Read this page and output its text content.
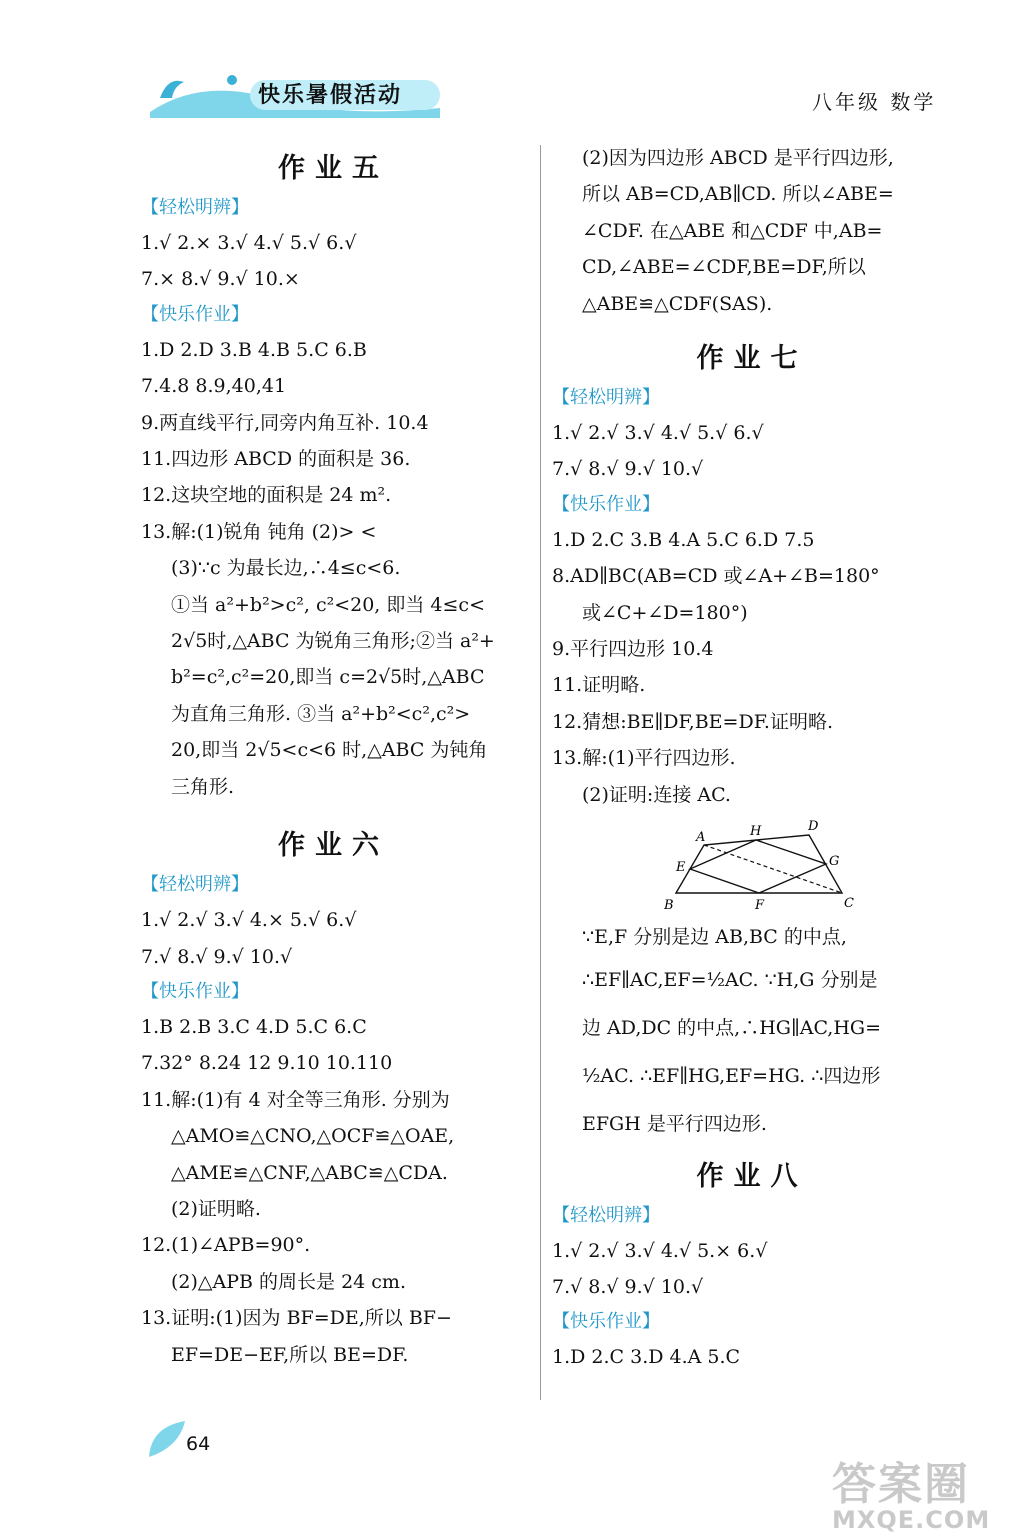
快乐暑假活动	八年级 数学
作业五
【轻松明辨】
1.√ 2.× 3.√ 4.√ 5.√ 6.√
7.× 8.√ 9.√ 10.×
【快乐作业】
1.D 2.D 3.B 4.B 5.C 6.B
7.4.8 8.9,40,41
9.两直线平行,同旁内角互补. 10.4
11.四边形 ABCD 的面积是 36.
12.这块空地的面积是 24 m².
13.解:(1)锐角 钝角 (2)> <
(3)∵c 为最长边,∴4≤c<6.
①当 a²+b²>c², c²<20, 即当 4≤c<
2√5时,△ABC 为锐角三角形;②当 a²+
b²=c²,c²=20,即当 c=2√5时,△ABC
为直角三角形. ③当 a²+b²<c²,c²>
20,即当 2√5<c<6 时,△ABC 为钝角
三角形.
作业六
【轻松明辨】
1.√ 2.√ 3.√ 4.× 5.√ 6.√
7.√ 8.√ 9.√ 10.√
【快乐作业】
1.B 2.B 3.C 4.D 5.C 6.C
7.32° 8.24 12 9.10 10.110
11.解:(1)有 4 对全等三角形. 分别为
△AMO≌△CNO,△OCF≌△OAE,
△AME≌△CNF,△ABC≌△CDA.
(2)证明略.
12.(1)∠APB=90°.
(2)△APB 的周长是 24 cm.
13.证明:(1)因为 BF=DE,所以 BF−
EF=DE−EF,所以 BE=DF.
(2)因为四边形 ABCD 是平行四边形,
所以 AB=CD,AB∥CD. 所以∠ABE=
∠CDF. 在△ABE 和△CDF 中,AB=
CD,∠ABE=∠CDF,BE=DF,所以
△ABE≌△CDF(SAS).
作业七
【轻松明辨】
1.√ 2.√ 3.√ 4.√ 5.√ 6.√
7.√ 8.√ 9.√ 10.√
【快乐作业】
1.D 2.C 3.B 4.A 5.C 6.D 7.5
8.AD∥BC(AB=CD 或∠A+∠B=180°
或∠C+∠D=180°)
9.平行四边形 10.4
11.证明略.
12.猜想:BE∥DF,BE=DF.证明略.
13.解:(1)平行四边形.
(2)证明:连接 AC.
A	H	D
E	G
B	F	C
∵E,F 分别是边 AB,BC 的中点,
∴EF∥AC,EF=½AC. ∵H,G 分别是
边 AD,DC 的中点,∴HG∥AC,HG=
½AC. ∴EF∥HG,EF=HG. ∴四边形
EFGH 是平行四边形.
作业八
【轻松明辨】
1.√ 2.√ 3.√ 4.√ 5.× 6.√
7.√ 8.√ 9.√ 10.√
【快乐作业】
1.D 2.C 3.D 4.A 5.C
64
答案圈
MXQE.COM
